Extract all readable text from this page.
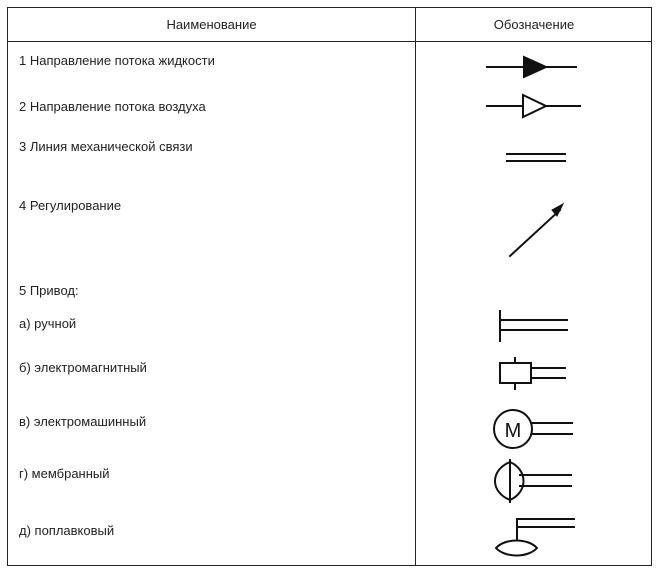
Наименование	Обозначение
1 Направление потока жидкости
2 Направление потока воздуха
3 Линия механической связи
4 Регулирование
5 Привод:
а) ручной
б) электромагнитный
в) электромашинный
г) мембранный
д) поплавковый
М
